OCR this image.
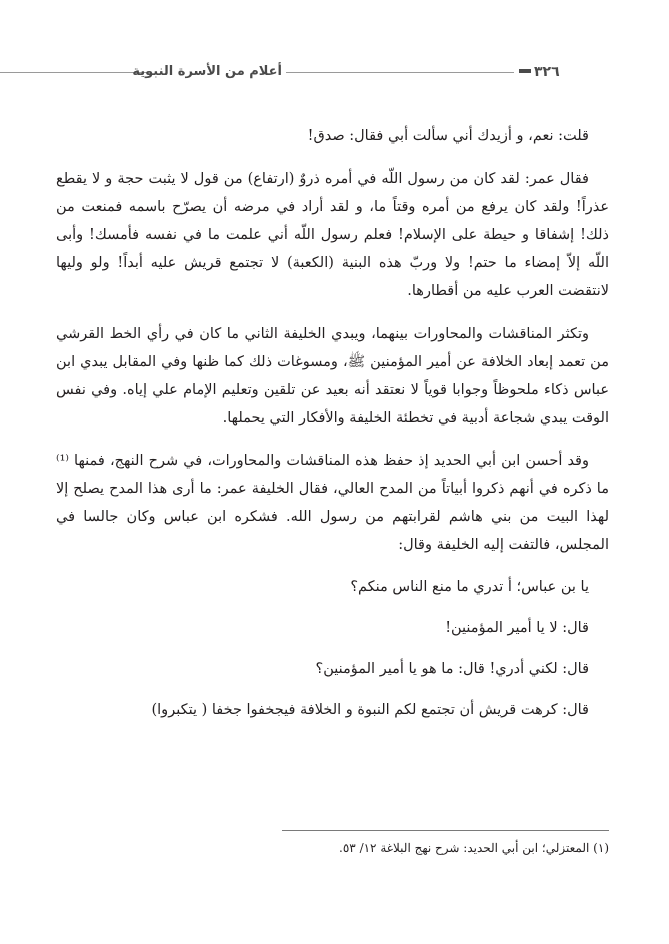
أعلام من الأسرة النبوية	٣٢٦

قلت: نعم، و أزيدك أني سألت أبي فقال: صدق!

فقال عمر: لقد كان من رسول اللّه في أمره ذروٌ (ارتفاع) من قول لا يثبت حجة و لا يقطع عذراً! ولقد كان يرفع من أمره وقتاً ما، و لقد أراد في مرضه أن يصرّح باسمه فمنعت من ذلك! إشفاقا و حيطة على الإسلام! فعلم رسول اللّه أني علمت ما في نفسه فأمسك! وأبى اللّه إلاّ إمضاء ما حتم! ولا وربّ هذه البنية (الكعبة) لا تجتمع قريش عليه أبداً! ولو وليها لانتقضت العرب عليه من أقطارها.

وتكثر المناقشات والمحاورات بينهما، ويبدي الخليفة الثاني ما كان في رأي الخط القرشي من تعمد إبعاد الخلافة عن أمير المؤمنين ﷺ، ومسوغات ذلك كما ظنها وفي المقابل يبدي ابن عباس ذكاء ملحوظاً وجوابا قوياً لا نعتقد أنه بعيد عن تلقين وتعليم الإمام علي إياه. وفي نفس الوقت يبدي شجاعة أدبية في تخطئة الخليفة والأفكار التي يحملها.

وقد أحسن ابن أبي الحديد إذ حفظ هذه المناقشات والمحاورات، في شرح النهج، فمنها ⁽¹⁾ما ذكره في أنهم ذكروا أبياتاً من المدح العالي، فقال الخليفة عمر: ما أرى هذا المدح يصلح إلا لهذا البيت من بني هاشم لقرابتهم من رسول الله. فشكره ابن عباس وكان جالسا في المجلس، فالتفت إليه الخليفة وقال:

يا بن عباس؛ أ تدري ما منع الناس منكم؟

قال: لا يا أمير المؤمنين!

قال: لكني أدري! قال: ما هو يا أمير المؤمنين؟

قال: كرهت قريش أن تجتمع لكم النبوة و الخلافة فيجخفوا جخفا ( يتكبروا)

(١) المعتزلي؛ ابن أبي الحديد: شرح نهج البلاغة ١٢/ ٥٣.
